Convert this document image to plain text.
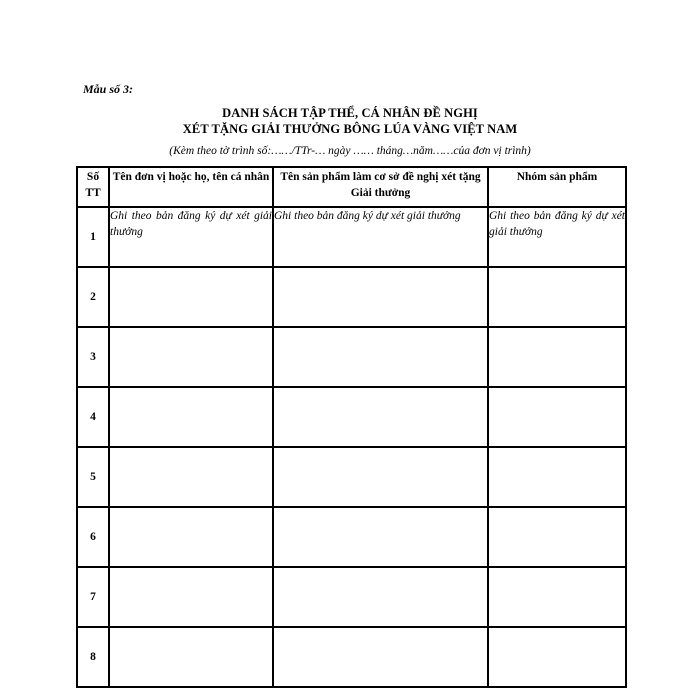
Mẫu số 3:
DANH SÁCH TẬP THỂ, CÁ NHÂN ĐỀ NGHỊ
XÉT TẶNG GIẢI THƯỞNG BÔNG LÚA VÀNG VIỆT NAM
(Kèm theo tờ trình số:……/TTr-… ngày …… tháng…năm……của đơn vị trình)
Số TT	Tên đơn vị hoặc họ, tên cá nhân	Tên sản phẩm làm cơ sở đề nghị xét tặng Giải thưởng	Nhóm sản phẩm
1	Ghi theo bản đăng ký dự xét giải thưởng	Ghi theo bản đăng ký dự xét giải thưởng	Ghi theo bản đăng ký dự xét giải thưởng
2			
3			
4			
5			
6			
7			
8			
